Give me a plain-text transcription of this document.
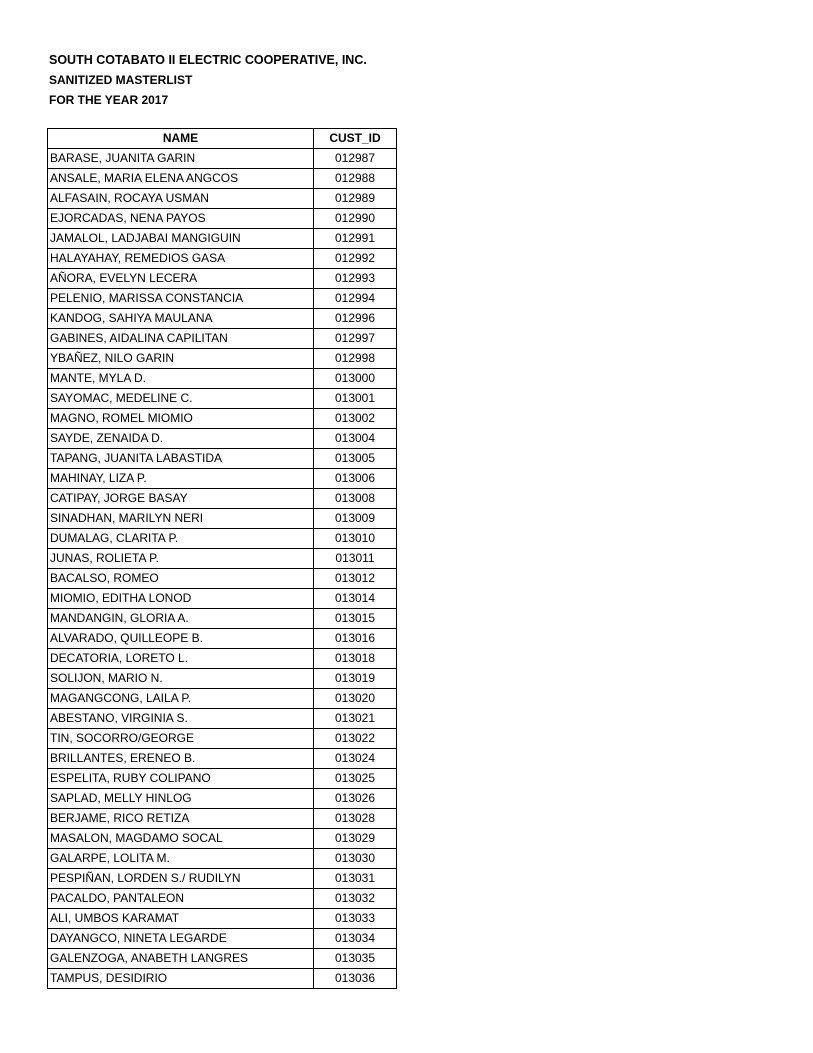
SOUTH COTABATO II ELECTRIC COOPERATIVE, INC.
SANITIZED MASTERLIST
FOR THE YEAR 2017
NAME	CUST_ID
BARASE, JUANITA GARIN	012987
ANSALE, MARIA ELENA ANGCOS	012988
ALFASAIN, ROCAYA USMAN	012989
EJORCADAS, NENA PAYOS	012990
JAMALOL, LADJABAI MANGIGUIN	012991
HALAYAHAY, REMEDIOS GASA	012992
AÑORA, EVELYN LECERA	012993
PELENIO, MARISSA CONSTANCIA	012994
KANDOG, SAHIYA MAULANA	012996
GABINES, AIDALINA CAPILITAN	012997
YBAÑEZ, NILO GARIN	012998
MANTE, MYLA D.	013000
SAYOMAC, MEDELINE C.	013001
MAGNO, ROMEL MIOMIO	013002
SAYDE, ZENAIDA D.	013004
TAPANG, JUANITA LABASTIDA	013005
MAHINAY, LIZA P.	013006
CATIPAY, JORGE BASAY	013008
SINADHAN, MARILYN NERI	013009
DUMALAG, CLARITA P.	013010
JUNAS, ROLIETA P.	013011
BACALSO, ROMEO	013012
MIOMIO, EDITHA LONOD	013014
MANDANGIN, GLORIA A.	013015
ALVARADO, QUILLEOPE B.	013016
DECATORIA, LORETO L.	013018
SOLIJON, MARIO N.	013019
MAGANGCONG, LAILA P.	013020
ABESTANO, VIRGINIA S.	013021
TIN, SOCORRO/GEORGE	013022
BRILLANTES, ERENEO B.	013024
ESPELITA, RUBY COLIPANO	013025
SAPLAD, MELLY HINLOG	013026
BERJAME, RICO RETIZA	013028
MASALON, MAGDAMO SOCAL	013029
GALARPE, LOLITA M.	013030
PESPIÑAN, LORDEN S./ RUDILYN	013031
PACALDO, PANTALEON	013032
ALI, UMBOS KARAMAT	013033
DAYANGCO, NINETA LEGARDE	013034
GALENZOGA, ANABETH LANGRES	013035
TAMPUS, DESIDIRIO	013036
